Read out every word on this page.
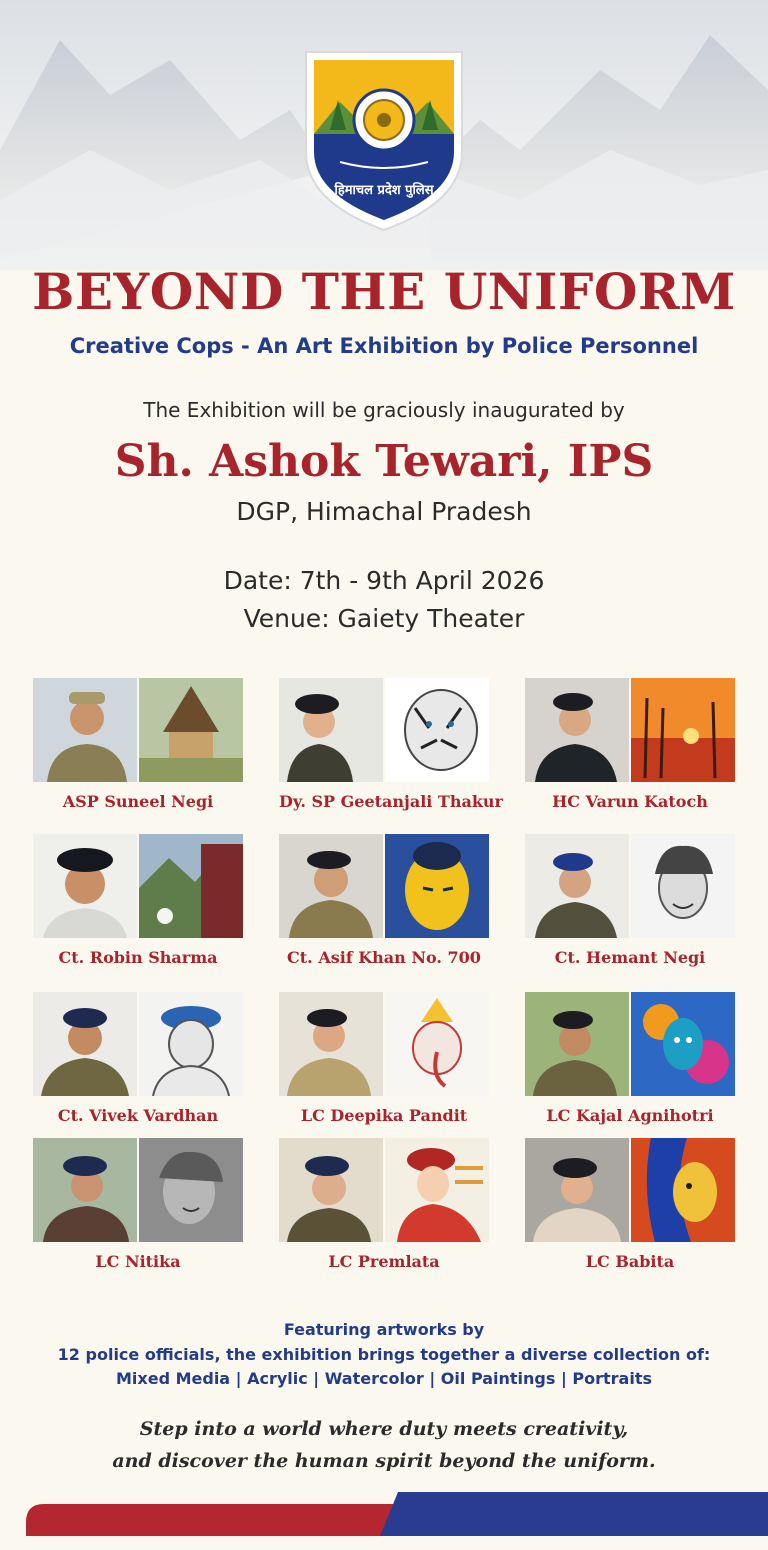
हिमाचल प्रदेश पुलिस
BEYOND THE UNIFORM
Creative Cops - An Art Exhibition by Police Personnel
The Exhibition will be graciously inaugurated by
Sh. Ashok Tewari, IPS
DGP, Himachal Pradesh
Date: 7th - 9th April 2026
Venue: Gaiety Theater
ASP Suneel Negi	Dy. SP Geetanjali Thakur	HC Varun Katoch
Ct. Robin Sharma	Ct. Asif Khan No. 700	Ct. Hemant Negi
Ct. Vivek Vardhan	LC Deepika Pandit	LC Kajal Agnihotri
LC Nitika	LC Premlata	LC Babita
Featuring artworks by
12 police officials, the exhibition brings together a diverse collection of:
Mixed Media | Acrylic | Watercolor | Oil Paintings | Portraits
Step into a world where duty meets creativity,
and discover the human spirit beyond the uniform.
